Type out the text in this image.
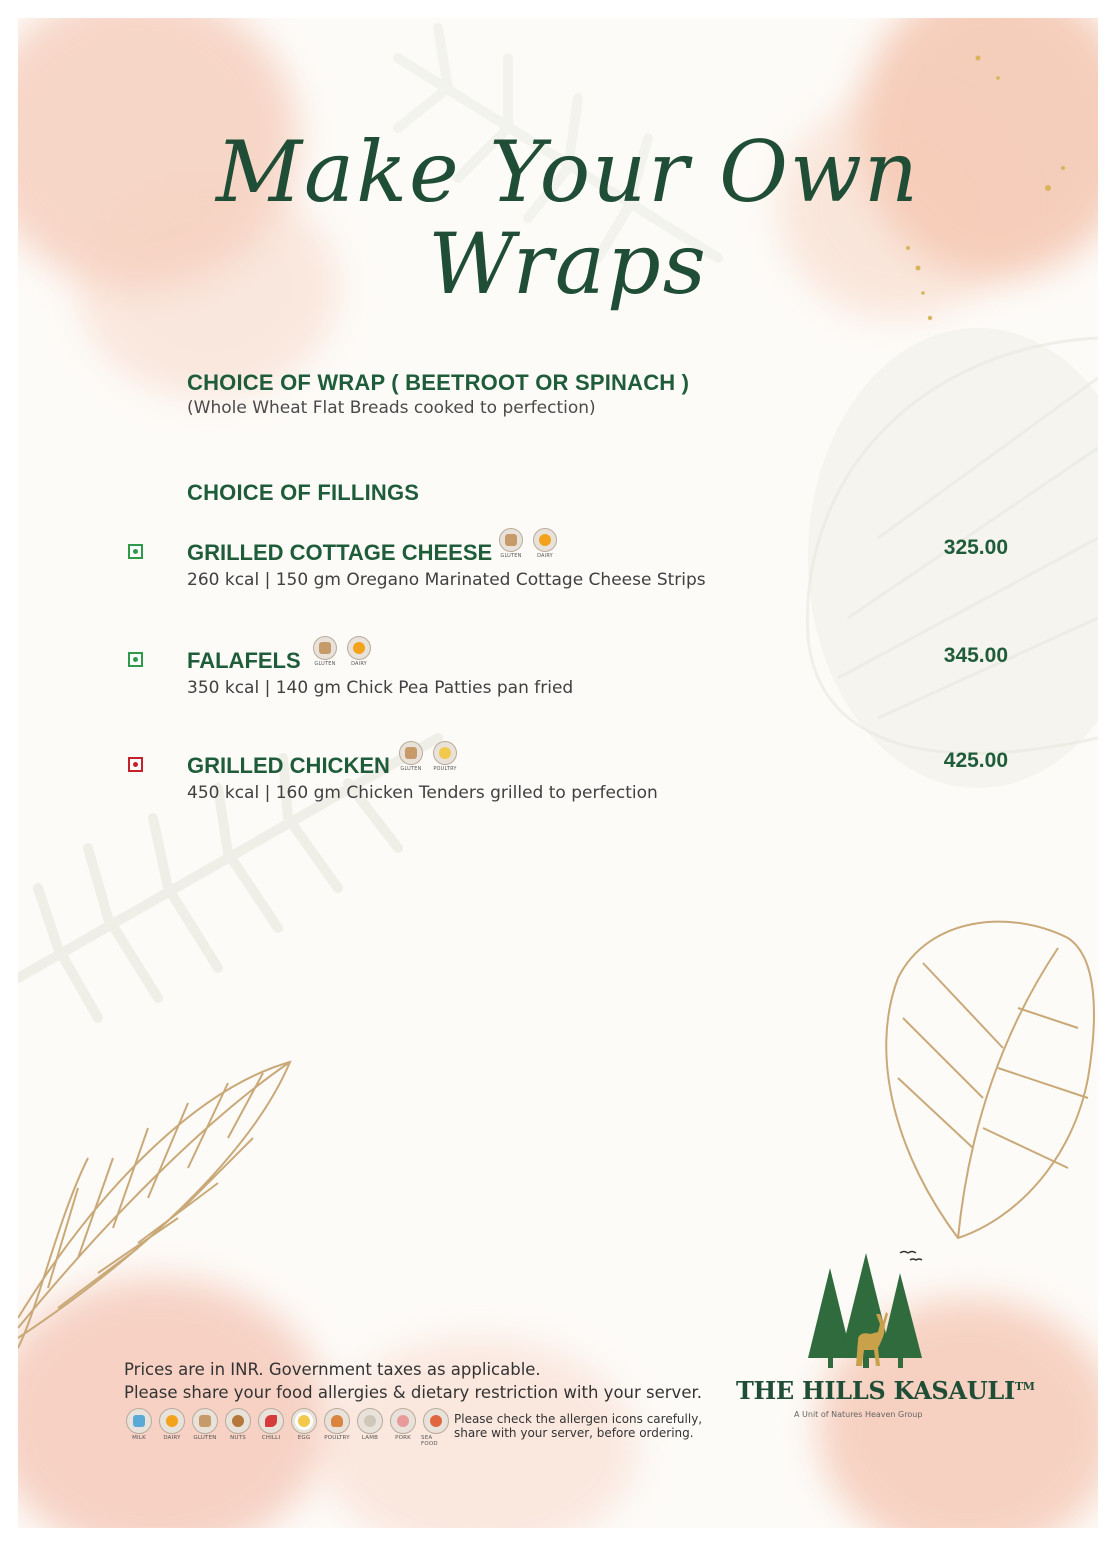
Make Your Own Wraps
CHOICE OF WRAP ( BEETROOT OR SPINACH )
(Whole Wheat Flat Breads cooked to perfection)
CHOICE OF FILLINGS
GRILLED COTTAGE CHEESE GLUTEN	DAIRY
260 kcal | 150 gm Oregano Marinated Cottage Cheese Strips
325.00
FALAFELS	GLUTEN	DAIRY
350 kcal | 140 gm Chick Pea Patties pan fried
345.00
GRILLED CHICKEN GLUTEN POULTRY
450 kcal | 160 gm Chicken Tenders grilled to perfection
425.00
Prices are in INR. Government taxes as applicable.
Please share your food allergies & dietary restriction with your server.
MILK	DAIRY GLUTEN NUTS	CHILLI	EGG	POULTRY LAMB	PORK SEA FOOD
Please check the allergen icons carefully,
share with your server, before ordering.
THE HILLS KASAULI™
A Unit of Natures Heaven Group
